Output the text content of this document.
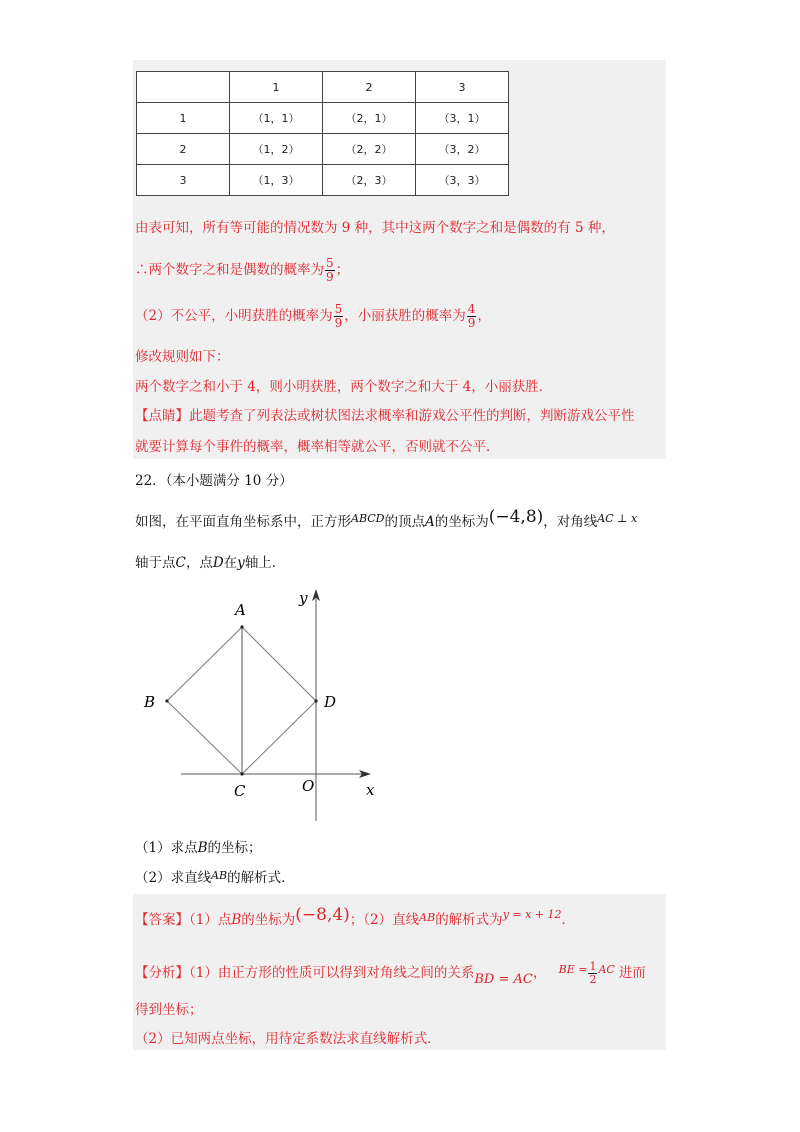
	1	2	3
1	（1，1）	（2，1）	（3，1）
2	（1，2）	（2，2）	（3，2）
3	（1，3）	（2，3）	（3，3）
由表可知，所有等可能的情况数为 9 种，其中这两个数字之和是偶数的有 5 种，
∴两个数字之和是偶数的概率为 $\frac{5}{9}$ ；
（2）不公平，小明获胜的概率为 $\frac{5}{9}$ ，小丽获胜的概率为 $\frac{4}{9}$ ，
修改规则如下：
两个数字之和小于 4，则小明获胜，两个数字之和大于 4，小丽获胜．
【点睛】此题考查了列表法或树状图法求概率和游戏公平性的判断，判断游戏公平性
就要计算每个事件的概率，概率相等就公平，否则就不公平．
22．（本小题满分 10 分）
如图，在平面直角坐标系中，正方形$^{ABCD}$的顶点A的坐标为(−4,8)，对角线$^{AC \perp x}$
轴于点C，点D在y轴上．
A
B
C
D
O	x
y
（1）求点B的坐标；
（2）求直线$^{AB}$的解析式．
【答案】（1）点B的坐标为(−8,4)；（2）直线$^{AB}$的解析式为$^{y = x + 12}$．
【分析】（1）由正方形的性质可以得到对角线之间的关系BD = AC， $^{BE =} \frac{1}{2} ^{AC}$ 进而
得到坐标；
（2）已知两点坐标，用待定系数法求直线解析式．
